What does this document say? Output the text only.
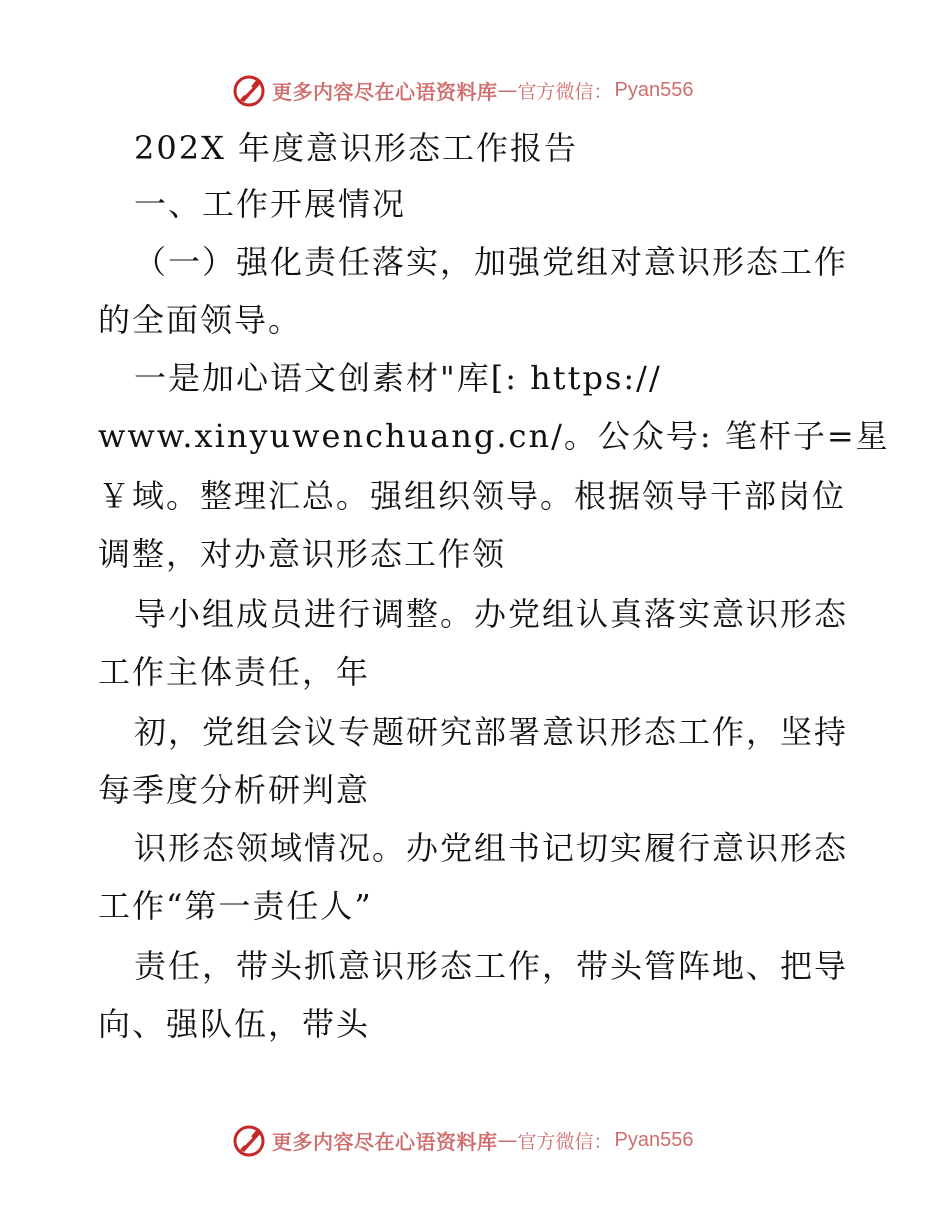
更多内容尽在心语资料库 — 官方微信： Pyan556
202X 年度意识形态工作报告
一、工作开展情况
（一）强化责任落实，加强党组对意识形态工作
的全面领导。
一是加心语文创素材"库[: https://
www.xinyuwenchuang.cn/。公众号: 笔杆子=星
￥域。整理汇总。强组织领导。根据领导干部岗位
调整，对办意识形态工作领
导小组成员进行调整。办党组认真落实意识形态
工作主体责任，年
初，党组会议专题研究部署意识形态工作，坚持
每季度分析研判意
识形态领域情况。办党组书记切实履行意识形态
工作“第一责任人”
责任，带头抓意识形态工作，带头管阵地、把导
向、强队伍，带头
更多内容尽在心语资料库 — 官方微信： Pyan556
